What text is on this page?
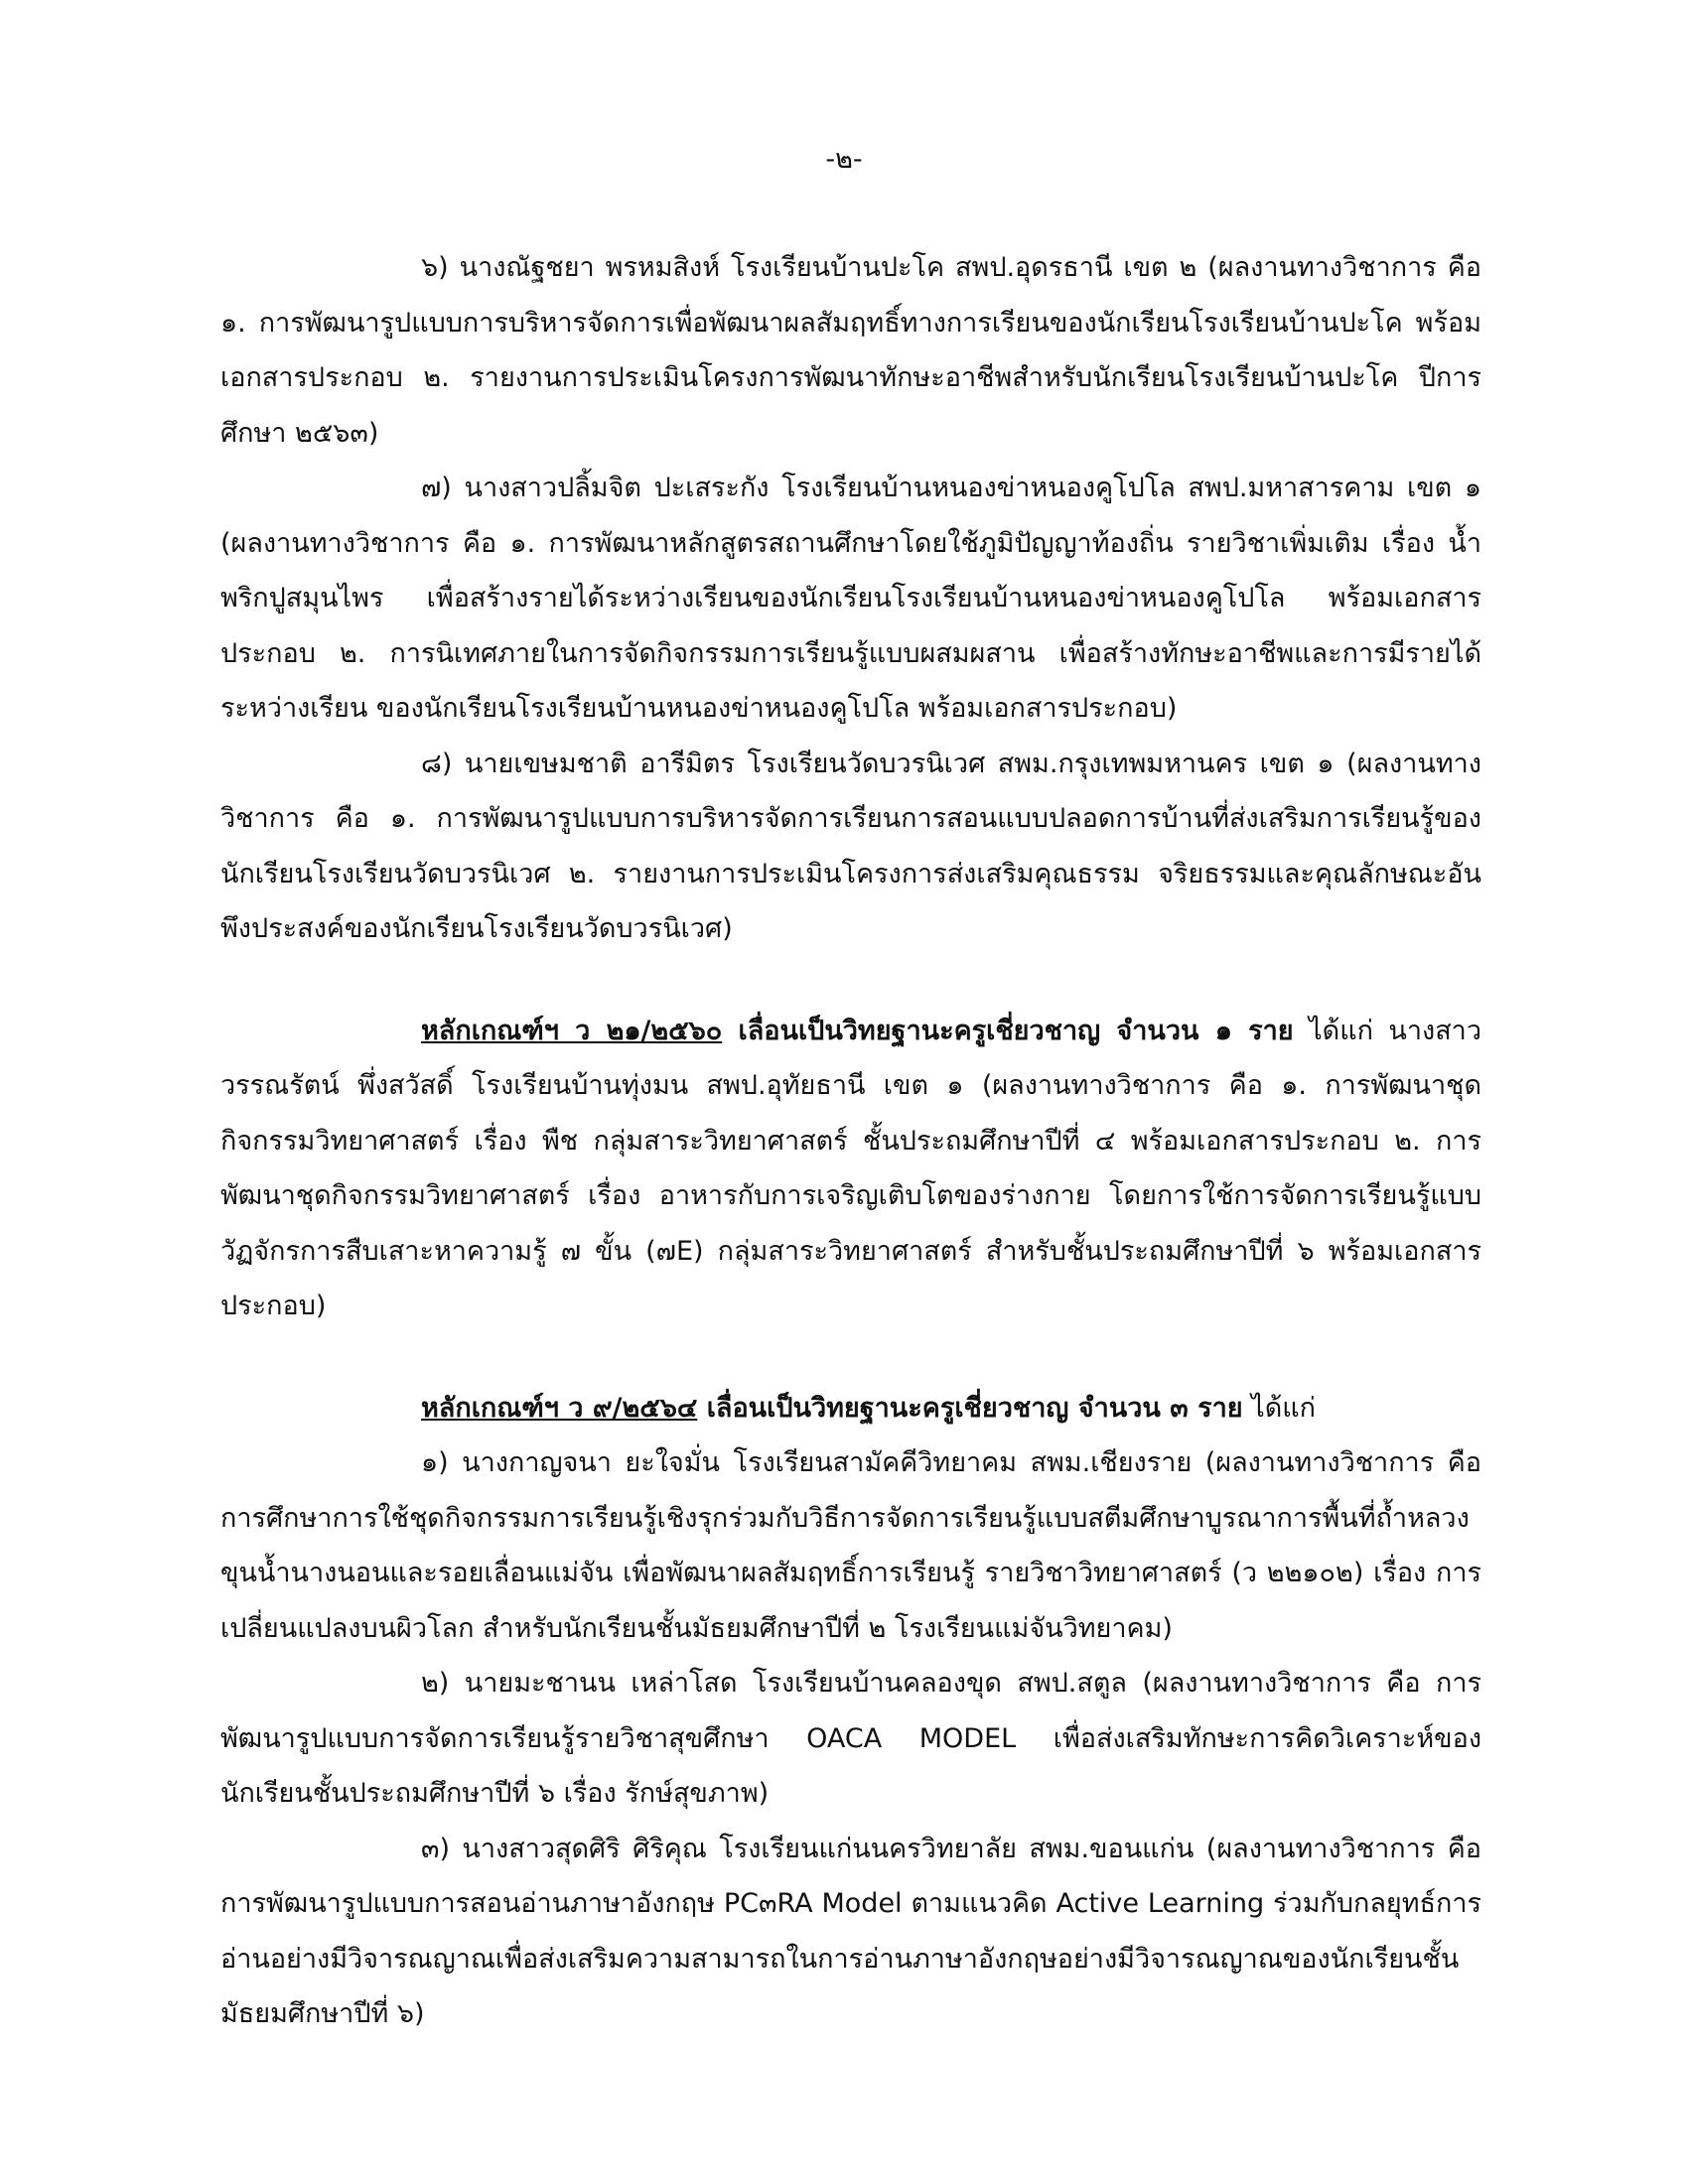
-๒-

๖) นางณัฐชยา พรหมสิงห์ โรงเรียนบ้านปะโค สพป.อุดรธานี เขต ๒ (ผลงานทางวิชาการ คือ ๑. การพัฒนารูปแบบการบริหารจัดการเพื่อพัฒนาผลสัมฤทธิ์ทางการเรียนของนักเรียนโรงเรียนบ้านปะโค พร้อมเอกสารประกอบ ๒. รายงานการประเมินโครงการพัฒนาทักษะอาชีพสำหรับนักเรียนโรงเรียนบ้านปะโค ปีการศึกษา ๒๕๖๓)

๗) นางสาวปลิ้มจิต ปะเสระกัง โรงเรียนบ้านหนองข่าหนองคูโปโล สพป.มหาสารคาม เขต ๑ (ผลงานทางวิชาการ คือ ๑. การพัฒนาหลักสูตรสถานศึกษาโดยใช้ภูมิปัญญาท้องถิ่น รายวิชาเพิ่มเติม เรื่อง น้ำพริกปูสมุนไพร เพื่อสร้างรายได้ระหว่างเรียนของนักเรียนโรงเรียนบ้านหนองข่าหนองคูโปโล พร้อมเอกสารประกอบ ๒. การนิเทศภายในการจัดกิจกรรมการเรียนรู้แบบผสมผสาน เพื่อสร้างทักษะอาชีพและการมีรายได้ระหว่างเรียน ของนักเรียนโรงเรียนบ้านหนองข่าหนองคูโปโล พร้อมเอกสารประกอบ)

๘) นายเขษมชาติ อารีมิตร โรงเรียนวัดบวรนิเวศ สพม.กรุงเทพมหานคร เขต ๑ (ผลงานทางวิชาการ คือ ๑. การพัฒนารูปแบบการบริหารจัดการเรียนการสอนแบบปลอดการบ้านที่ส่งเสริมการเรียนรู้ของนักเรียนโรงเรียนวัดบวรนิเวศ ๒. รายงานการประเมินโครงการส่งเสริมคุณธรรม จริยธรรมและคุณลักษณะอันพึงประสงค์ของนักเรียนโรงเรียนวัดบวรนิเวศ)

หลักเกณฑ์ฯ ว ๒๑/๒๕๖๐ เลื่อนเป็นวิทยฐานะครูเชี่ยวชาญ จำนวน ๑ ราย ได้แก่ นางสาววรรณรัตน์ พึ่งสวัสดิ์ โรงเรียนบ้านทุ่งมน สพป.อุทัยธานี เขต ๑ (ผลงานทางวิชาการ คือ ๑. การพัฒนาชุดกิจกรรมวิทยาศาสตร์ เรื่อง พืช กลุ่มสาระวิทยาศาสตร์ ชั้นประถมศึกษาปีที่ ๔ พร้อมเอกสารประกอบ ๒. การพัฒนาชุดกิจกรรมวิทยาศาสตร์ เรื่อง อาหารกับการเจริญเติบโตของร่างกาย โดยการใช้การจัดการเรียนรู้แบบวัฏจักรการสืบเสาะหาความรู้ ๗ ขั้น (๗E) กลุ่มสาระวิทยาศาสตร์ สำหรับชั้นประถมศึกษาปีที่ ๖ พร้อมเอกสารประกอบ)

หลักเกณฑ์ฯ ว ๙/๒๕๖๔ เลื่อนเป็นวิทยฐานะครูเชี่ยวชาญ จำนวน ๓ ราย ได้แก่

๑) นางกาญจนา ยะใจมั่น โรงเรียนสามัคคีวิทยาคม สพม.เชียงราย (ผลงานทางวิชาการ คือ การศึกษาการใช้ชุดกิจกรรมการเรียนรู้เชิงรุกร่วมกับวิธีการจัดการเรียนรู้แบบสตีมศึกษาบูรณาการพื้นที่ถ้ำหลวงขุนน้ำนางนอนและรอยเลื่อนแม่จัน เพื่อพัฒนาผลสัมฤทธิ์การเรียนรู้ รายวิชาวิทยาศาสตร์ (ว ๒๒๑๐๒) เรื่อง การเปลี่ยนแปลงบนผิวโลก สำหรับนักเรียนชั้นมัธยมศึกษาปีที่ ๒ โรงเรียนแม่จันวิทยาคม)

๒) นายมะชานน เหล่าโสด โรงเรียนบ้านคลองขุด สพป.สตูล (ผลงานทางวิชาการ คือ การพัฒนารูปแบบการจัดการเรียนรู้รายวิชาสุขศึกษา OACA MODEL เพื่อส่งเสริมทักษะการคิดวิเคราะห์ของนักเรียนชั้นประถมศึกษาปีที่ ๖ เรื่อง รักษ์สุขภาพ)

๓) นางสาวสุดศิริ ศิริคุณ โรงเรียนแก่นนครวิทยาลัย สพม.ขอนแก่น (ผลงานทางวิชาการ คือ การพัฒนารูปแบบการสอนอ่านภาษาอังกฤษ PC๓RA Model ตามแนวคิด Active Learning ร่วมกับกลยุทธ์การอ่านอย่างมีวิจารณญาณเพื่อส่งเสริมความสามารถในการอ่านภาษาอังกฤษอย่างมีวิจารณญาณของนักเรียนชั้นมัธยมศึกษาปีที่ ๖)
